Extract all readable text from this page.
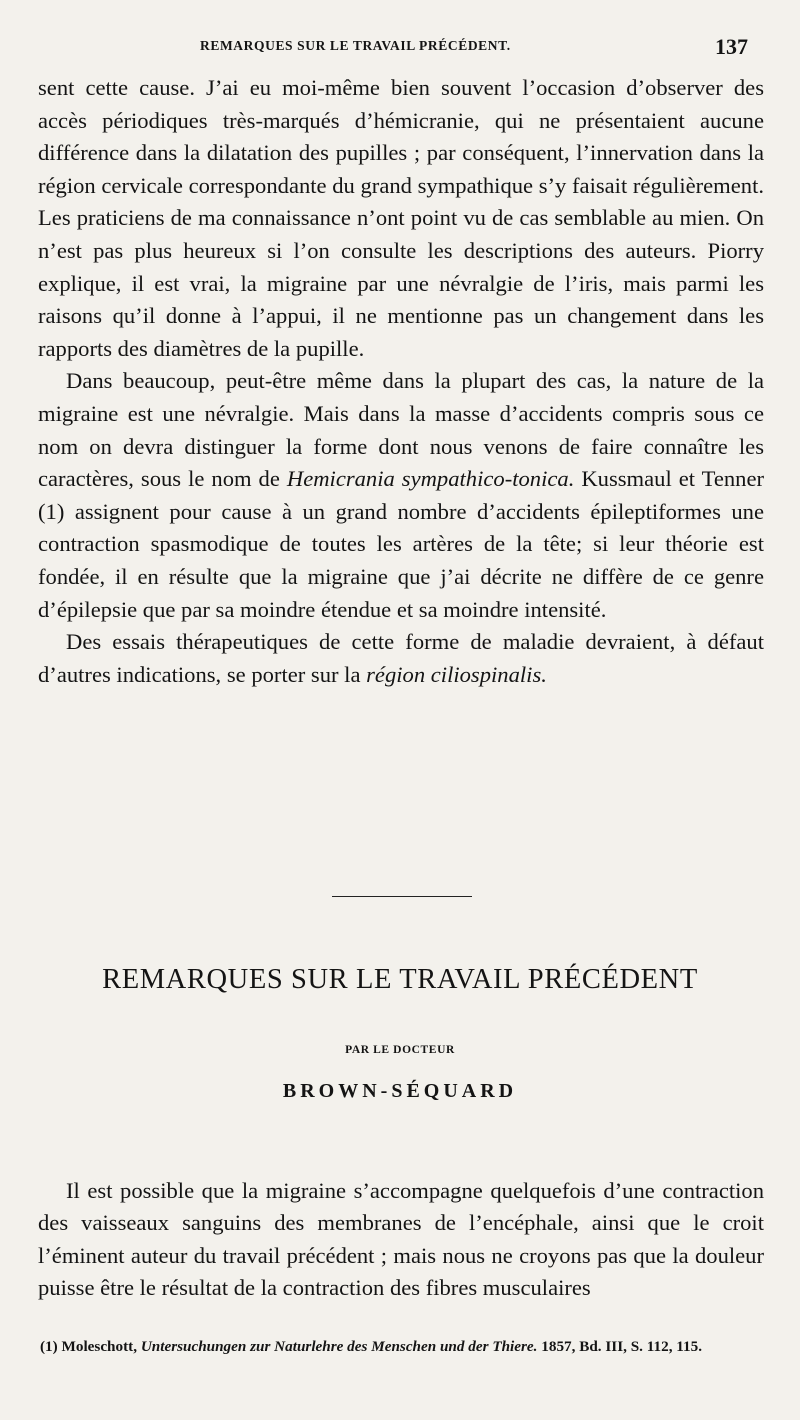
REMARQUES SUR LE TRAVAIL PRÉCÉDENT.	137

sent cette cause. J’ai eu moi-même bien souvent l’occasion d’observer des accès périodiques très-marqués d’hémicranie, qui ne présentaient aucune différence dans la dilatation des pupilles ; par conséquent, l’innervation dans la région cervicale correspondante du grand sympathique s’y faisait régulièrement. Les praticiens de ma connaissance n’ont point vu de cas semblable au mien. On n’est pas plus heureux si l’on consulte les descriptions des auteurs. Piorry explique, il est vrai, la migraine par une névralgie de l’iris, mais parmi les raisons qu’il donne à l’appui, il ne mentionne pas un changement dans les rapports des diamètres de la pupille.

Dans beaucoup, peut-être même dans la plupart des cas, la nature de la migraine est une névralgie. Mais dans la masse d’accidents compris sous ce nom on devra distinguer la forme dont nous venons de faire connaître les caractères, sous le nom de Hemicrania sympathico-tonica. Kussmaul et Tenner (1) assignent pour cause à un grand nombre d’accidents épileptiformes une contraction spasmodique de toutes les artères de la tête; si leur théorie est fondée, il en résulte que la migraine que j’ai décrite ne diffère de ce genre d’épilepsie que par sa moindre étendue et sa moindre intensité.

Des essais thérapeutiques de cette forme de maladie devraient, à défaut d’autres indications, se porter sur la région ciliospinalis.

REMARQUES SUR LE TRAVAIL PRÉCÉDENT
PAR LE DOCTEUR
BROWN-SÉQUARD

Il est possible que la migraine s’accompagne quelquefois d’une contraction des vaisseaux sanguins des membranes de l’encéphale, ainsi que le croit l’éminent auteur du travail précédent ; mais nous ne croyons pas que la douleur puisse être le résultat de la contraction des fibres musculaires

(1) Moleschott, Untersuchungen zur Naturlehre des Menschen und der Thiere. 1857, Bd. III, S. 112, 115.
